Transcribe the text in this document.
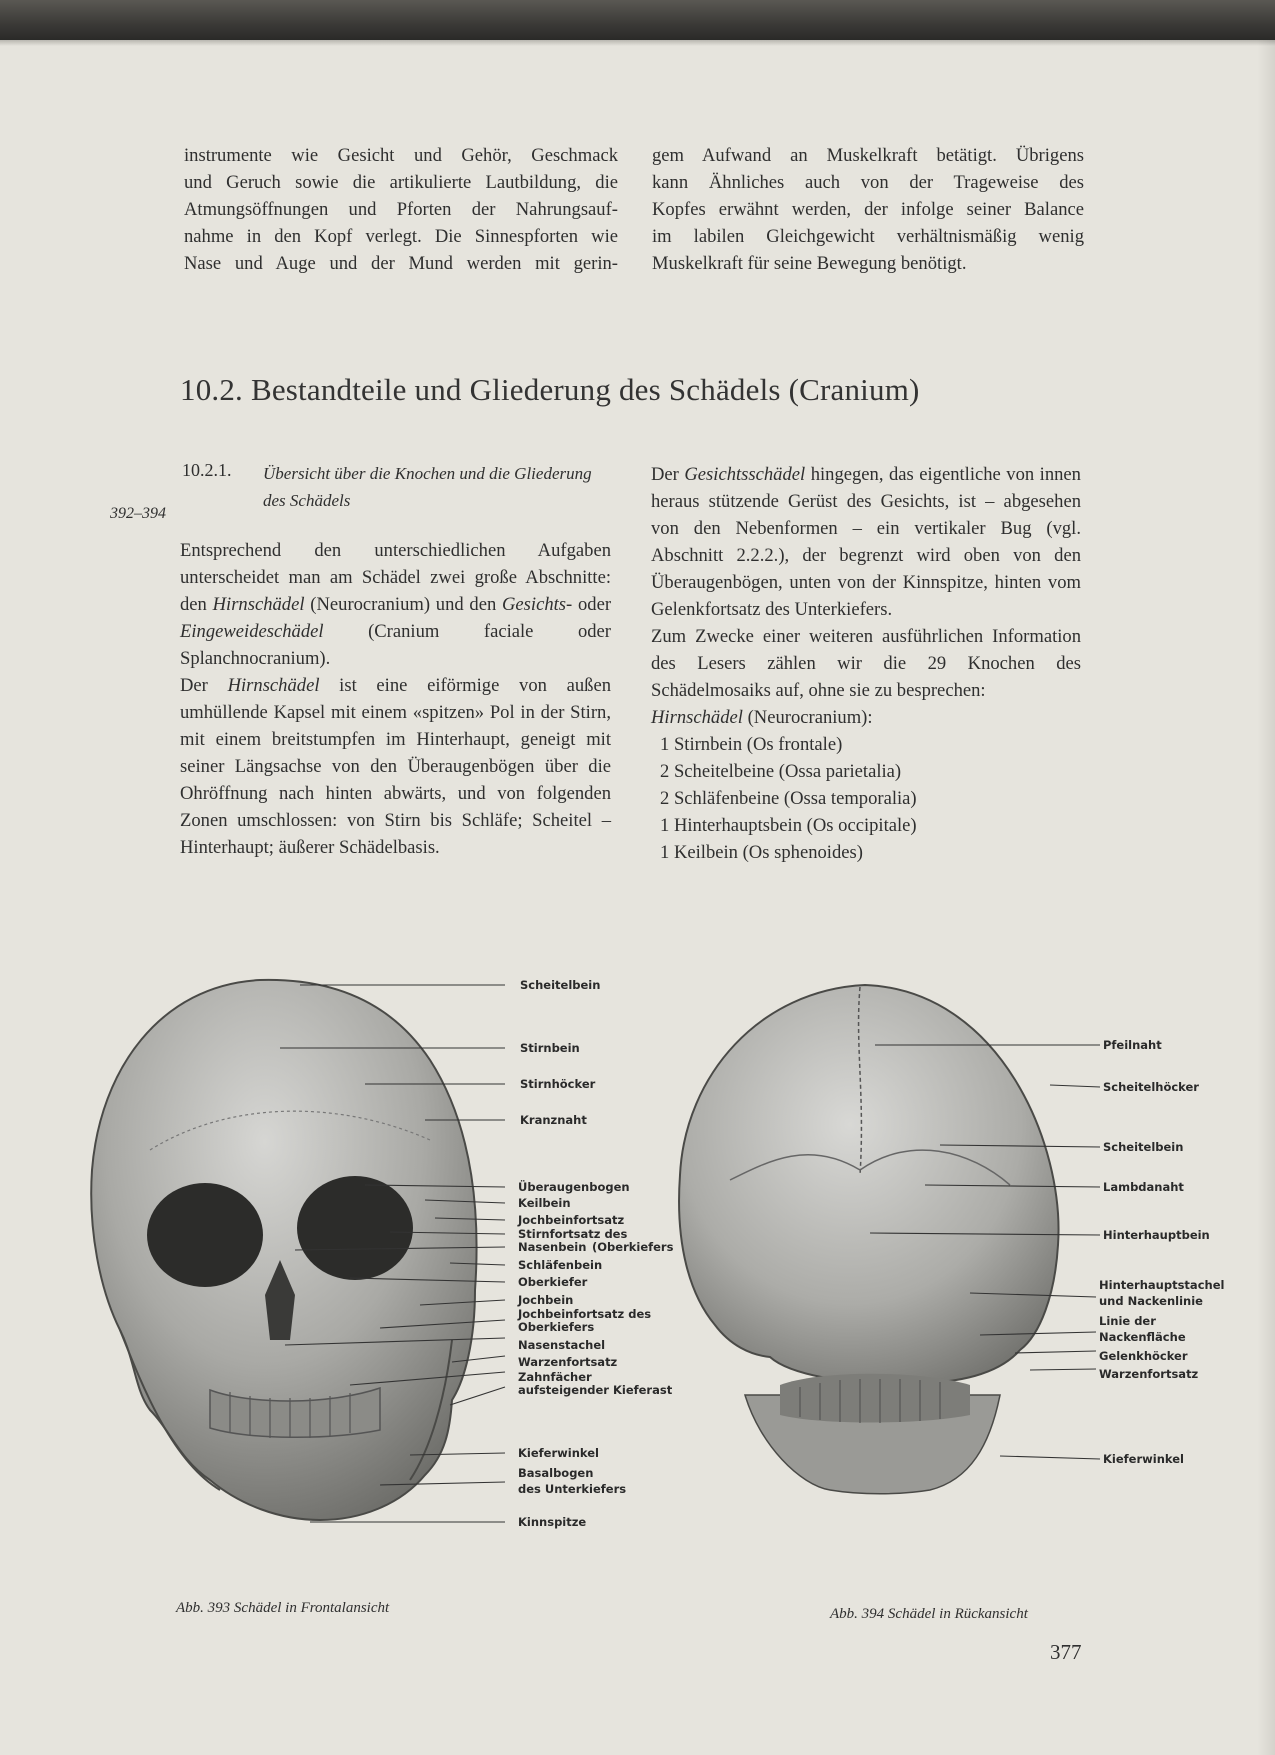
instrumente wie Gesicht und Gehör, Geschmack

und Geruch sowie die artikulierte Lautbildung, die

Atmungsöffnungen und Pforten der Nahrungsauf-

nahme in den Kopf verlegt. Die Sinnespforten wie

Nase und Auge und der Mund werden mit gerin-

gem Aufwand an Muskelkraft betätigt. Übrigens

kann Ähnliches auch von der Trageweise des

Kopfes erwähnt werden, der infolge seiner Balance

im labilen Gleichgewicht verhältnismäßig wenig

Muskelkraft für seine Bewegung benötigt.

10.2. Bestandteile und Gliederung des Schädels (Cranium)
10.2.1. Übersicht über die Knochen und die Gliederung
des Schädels
392–394

Entsprechend den unterschiedlichen Aufgaben unterscheidet man am Schädel zwei große Abschnitte: den Hirnschädel (Neurocranium) und den Gesichts- oder Eingeweideschädel (Cranium faciale oder Splanchnocranium).

Der Hirnschädel ist eine eiförmige von außen umhüllende Kapsel mit einem «spitzen» Pol in der Stirn, mit einem breitstumpfen im Hinterhaupt, geneigt mit seiner Längsachse von den Überaugenbögen über die Ohröffnung nach hinten abwärts, und von folgenden Zonen umschlossen: von Stirn bis Schläfe; Scheitel – Hinterhaupt; äußerer Schädelbasis.

Der Gesichtsschädel hingegen, das eigentliche von innen heraus stützende Gerüst des Gesichts, ist – abgesehen von den Nebenformen – ein vertikaler Bug (vgl. Abschnitt 2.2.2.), der begrenzt wird oben von den Überaugenbögen, unten von der Kinnspitze, hinten vom Gelenkfortsatz des Unterkiefers.

Zum Zwecke einer weiteren ausführlichen Information des Lesers zählen wir die 29 Knochen des Schädelmosaiks auf, ohne sie zu besprechen:

Hirnschädel (Neurocranium):

1 Stirnbein (Os frontale)
2 Scheitelbeine (Ossa parietalia)
2 Schläfenbeine (Ossa temporalia)
1 Hinterhauptsbein (Os occipitale)
1 Keilbein (Os sphenoides)
Scheitelbein
Stirnbein
Stirnhöcker
Kranznaht
Überaugenbogen
Keilbein
Jochbeinfortsatz
Stirnfortsatz des
Nasenbein (Oberkiefers
Schläfenbein
Oberkiefer
Jochbein
Jochbeinfortsatz des
Oberkiefers
Nasenstachel
Warzenfortsatz
Zahnfächer
aufsteigender Kieferast
Kieferwinkel
Basalbogen
des Unterkiefers
Kinnspitze
Pfeilnaht
Scheitelhöcker
Scheitelbein
Lambdanaht
Hinterhauptbein
Hinterhauptstachel
und Nackenlinie
Linie der
Nackenfläche
Gelenkhöcker
Warzenfortsatz
Kieferwinkel
Abb. 393 Schädel in Frontalansicht	Abb. 394 Schädel in Rückansicht
377
